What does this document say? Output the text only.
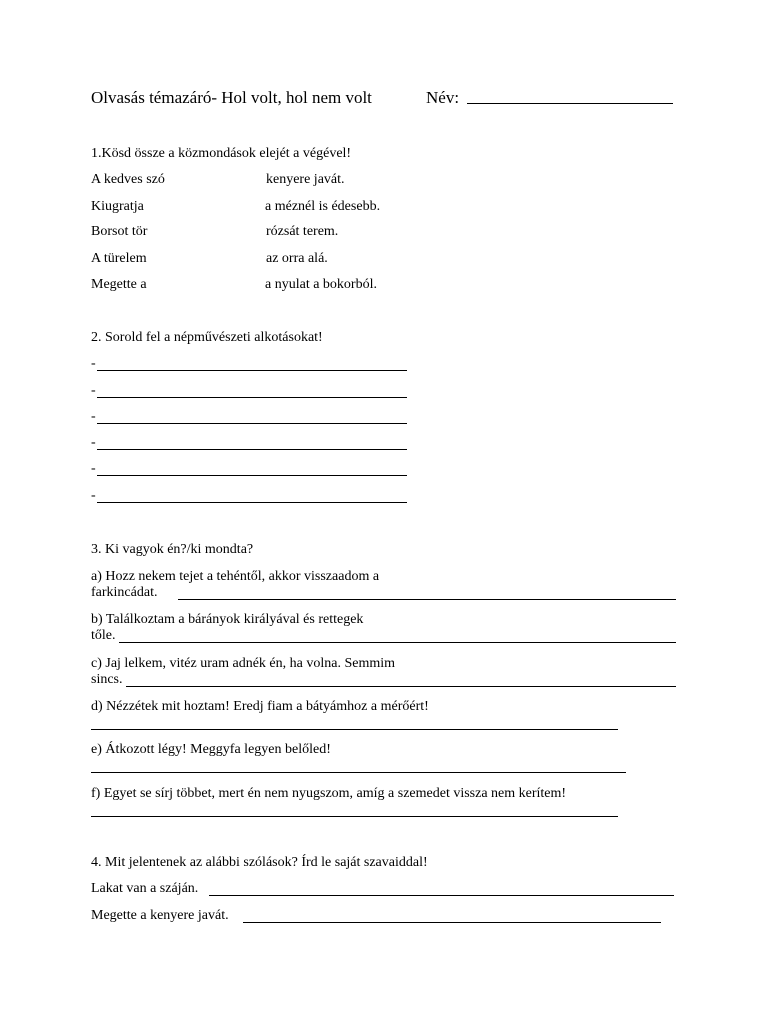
Olvasás témazáró- Hol volt, hol nem volt	Név:
1.Kösd össze a közmondások elejét a végével!
A kedves szó	kenyere javát.
Kiugratja	a méznél is édesebb.
Borsot tör	rózsát terem.
A türelem	az orra alá.
Megette a	a nyulat a bokorból.
2. Sorold fel a népművészeti alkotásokat!
-
-
-
-
-
-
3. Ki vagyok én?/ki mondta?
a) Hozz nekem tejet a tehéntől, akkor visszaadom a
farkincádat.
b) Találkoztam a bárányok királyával és rettegek
tőle.
c) Jaj lelkem, vitéz uram adnék én, ha volna. Semmim
sincs.
d) Nézzétek mit hoztam! Eredj fiam a bátyámhoz a mérőért!
e) Átkozott légy! Meggyfa legyen belőled!
f) Egyet se sírj többet, mert én nem nyugszom, amíg a szemedet vissza nem kerítem!
4. Mit jelentenek az alábbi szólások? Írd le saját szavaiddal!
Lakat van a száján.
Megette a kenyere javát.
